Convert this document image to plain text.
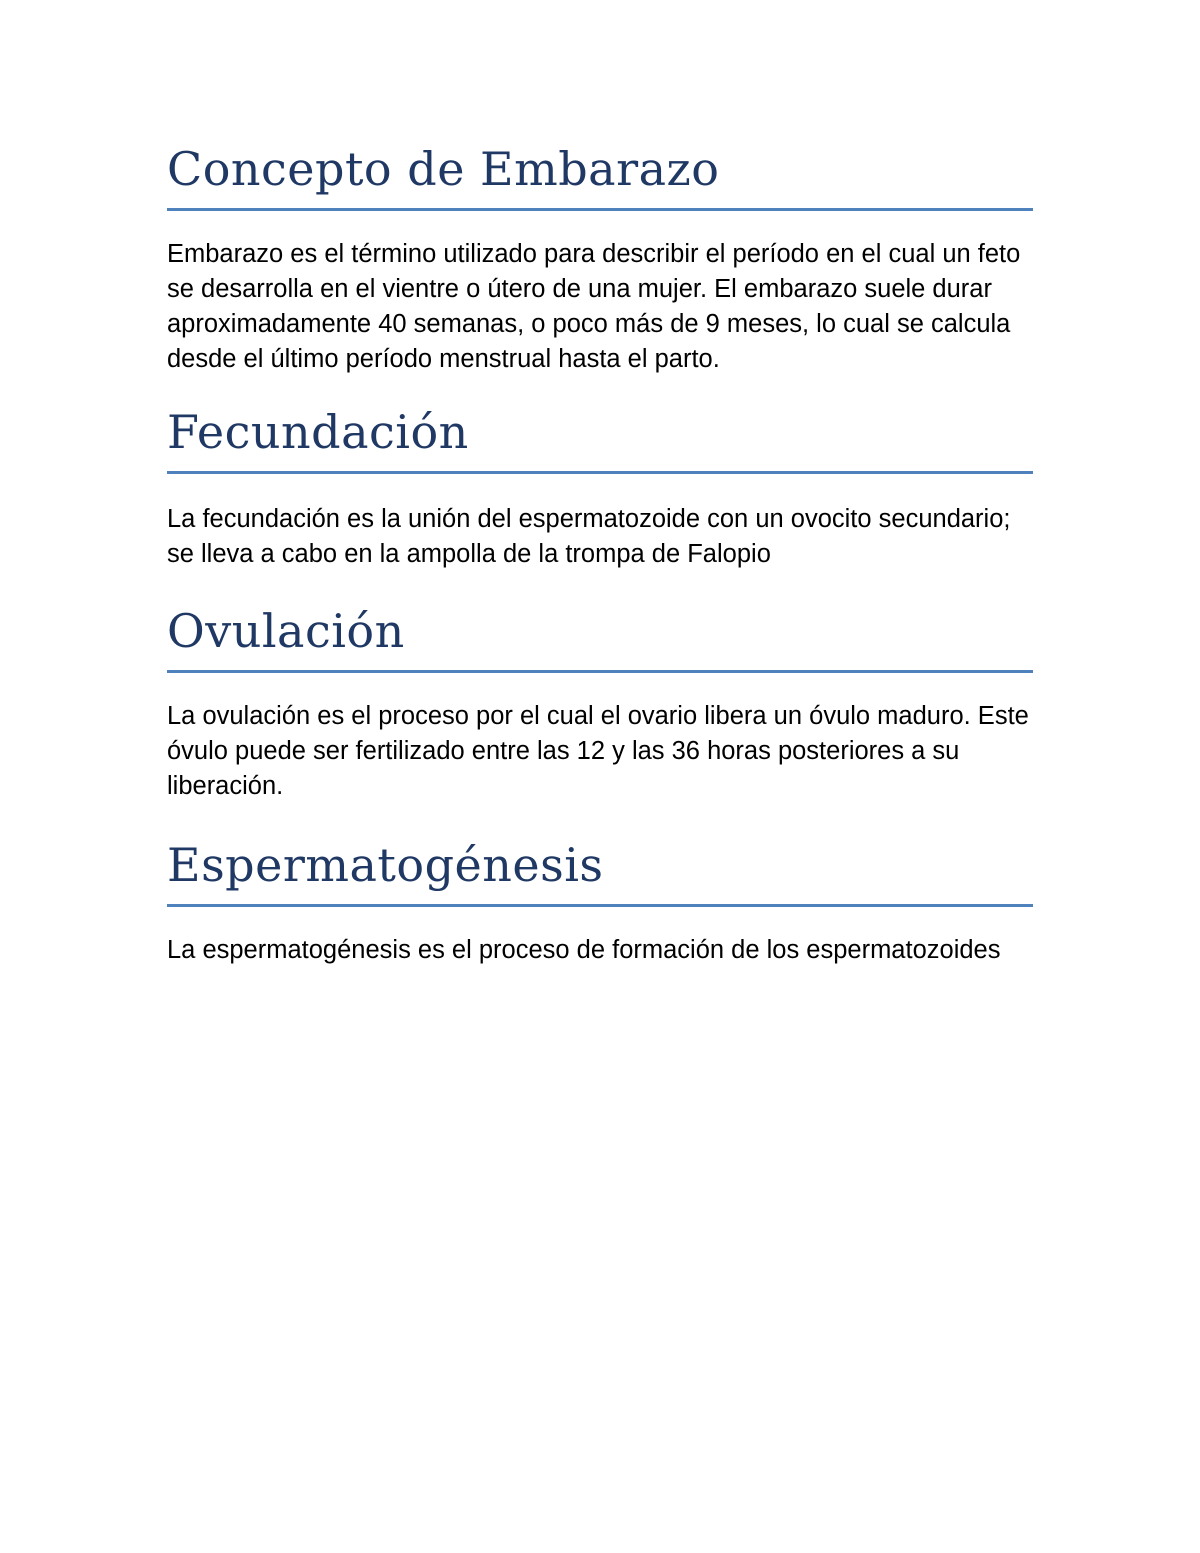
Concepto de Embarazo

Embarazo es el término utilizado para describir el período en el cual un feto se desarrolla en el vientre o útero de una mujer. El embarazo suele durar aproximadamente 40 semanas, o poco más de 9 meses, lo cual se calcula desde el último período menstrual hasta el parto.

Fecundación

La fecundación es la unión del espermatozoide con un ovocito secundario; se lleva a cabo en la ampolla de la trompa de Falopio

Ovulación

La ovulación es el proceso por el cual el ovario libera un óvulo maduro. Este óvulo puede ser fertilizado entre las 12 y las 36 horas posteriores a su liberación.

Espermatogénesis

La espermatogénesis es el proceso de formación de los espermatozoides
